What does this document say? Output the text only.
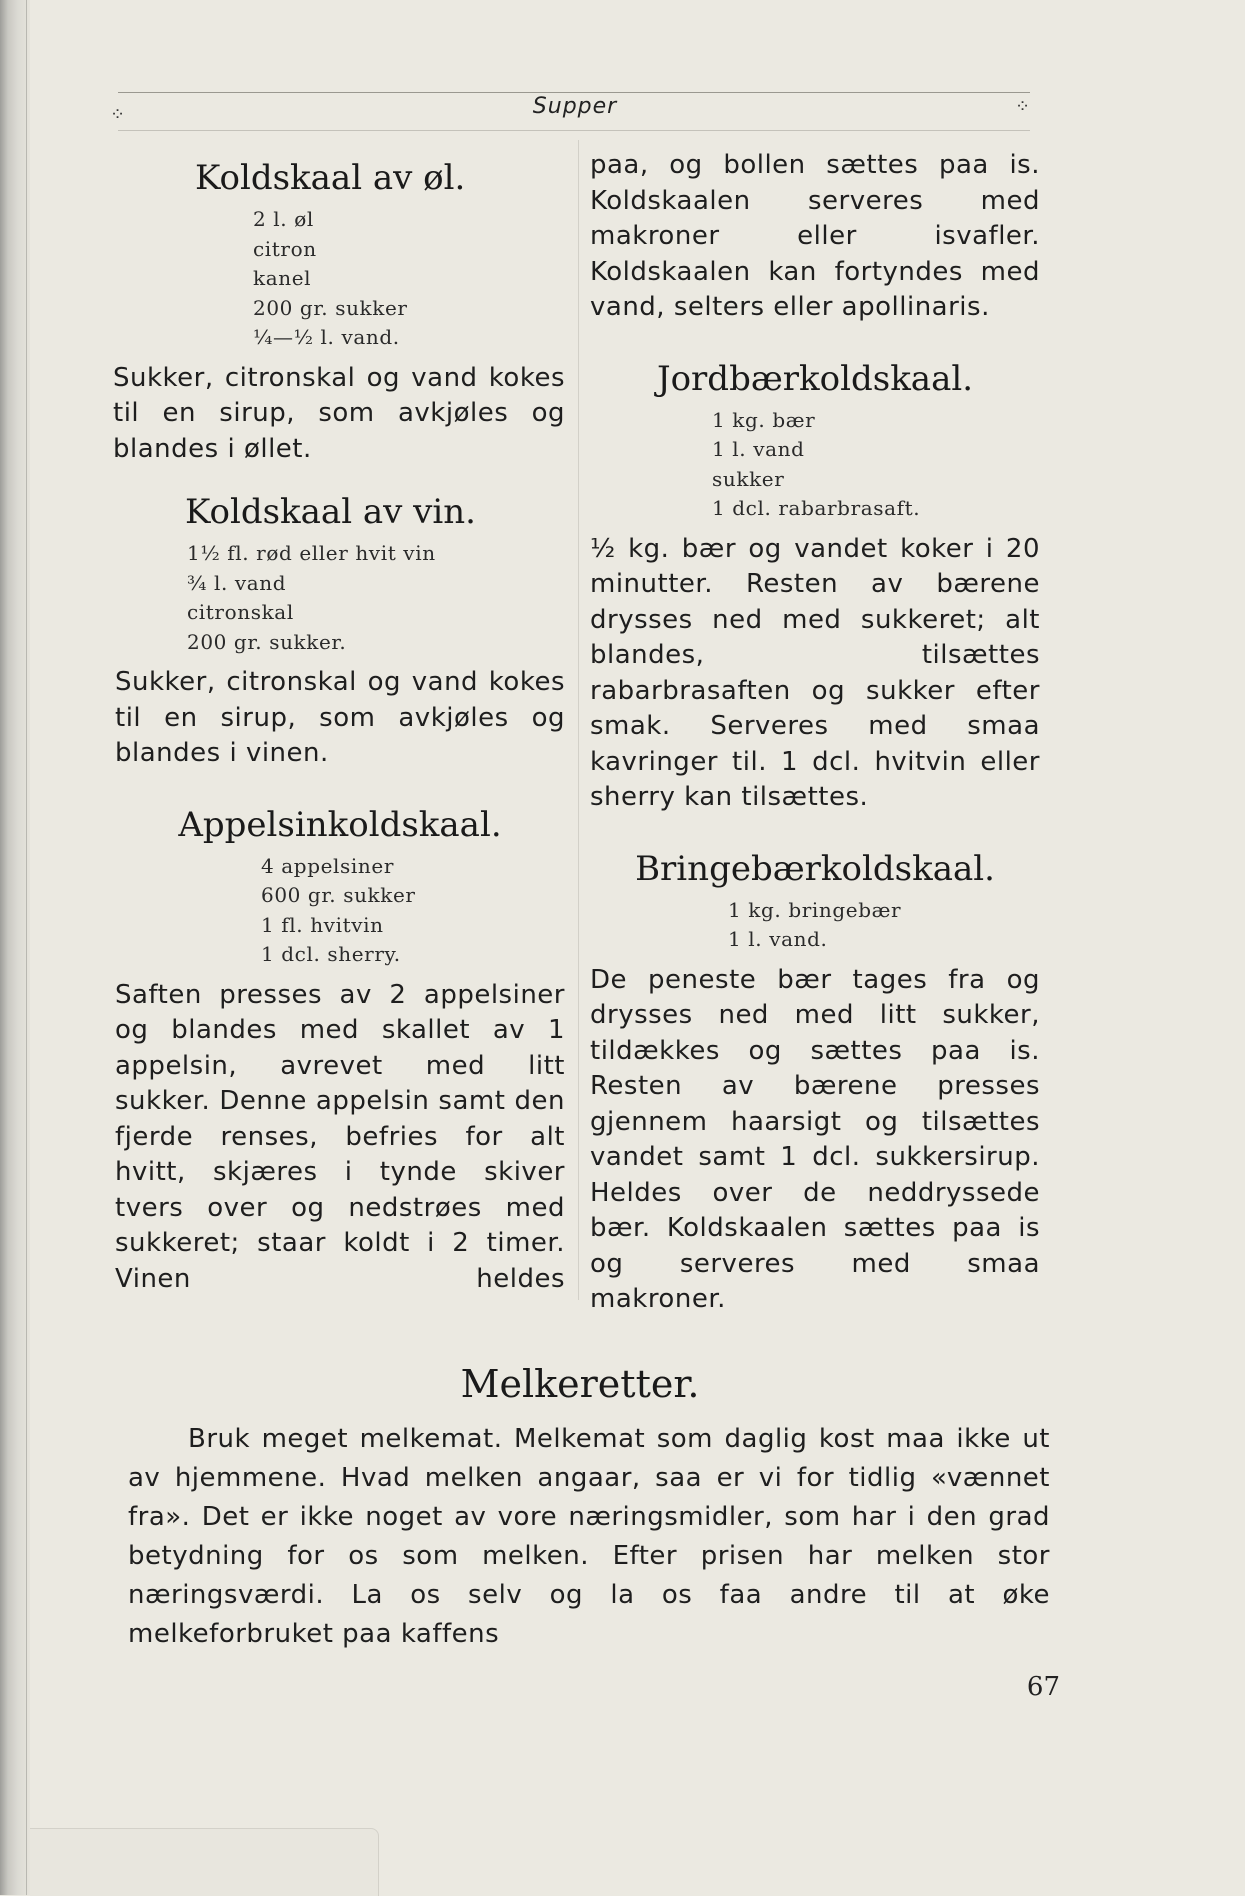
⁘	⁘
Supper
Koldskaal av øl.
2 l. øl
citron
kanel
200 gr. sukker
¼—½ l. vand.

Sukker, citronskal og vand kokes til en sirup, som avkjøles og blandes i øllet.

Koldskaal av vin.
1½ fl. rød eller hvit vin
¾ l. vand
citronskal
200 gr. sukker.

Sukker, citronskal og vand kokes til en sirup, som avkjøles og blandes i vinen.

Appelsinkoldskaal.
4 appelsiner
600 gr. sukker
1 fl. hvitvin
1 dcl. sherry.

Saften presses av 2 appelsiner og blandes med skallet av 1 appelsin, avrevet med litt sukker. Denne appelsin samt den fjerde renses, befries for alt hvitt, skjæres i tynde skiver tvers over og nedstrøes med sukkeret; staar koldt i 2 timer. Vinen heldes

paa, og bollen sættes paa is. Koldskaalen serveres med makroner eller isvafler. Koldskaalen kan fortyndes med vand, selters eller apollinaris.

Jordbærkoldskaal.
1 kg. bær
1 l. vand
sukker
1 dcl. rabarbrasaft.

½ kg. bær og vandet koker i 20 minutter. Resten av bærene drysses ned med sukkeret; alt blandes, tilsættes rabarbrasaften og sukker efter smak. Serveres med smaa kavringer til. 1 dcl. hvitvin eller sherry kan tilsættes.

Bringebærkoldskaal.
1 kg. bringebær
1 l. vand.

De peneste bær tages fra og drysses ned med litt sukker, tildækkes og sættes paa is. Resten av bærene presses gjennem haarsigt og tilsættes vandet samt 1 dcl. sukkersirup. Heldes over de neddryssede bær. Koldskaalen sættes paa is og serveres med smaa makroner.

Melkeretter.

Bruk meget melkemat. Melkemat som daglig kost maa ikke ut av hjemmene. Hvad melken angaar, saa er vi for tidlig «vænnet fra». Det er ikke noget av vore næringsmidler, som har i den grad betydning for os som melken. Efter prisen har melken stor næringsværdi. La os selv og la os faa andre til at øke melkeforbruket paa kaffens

67
